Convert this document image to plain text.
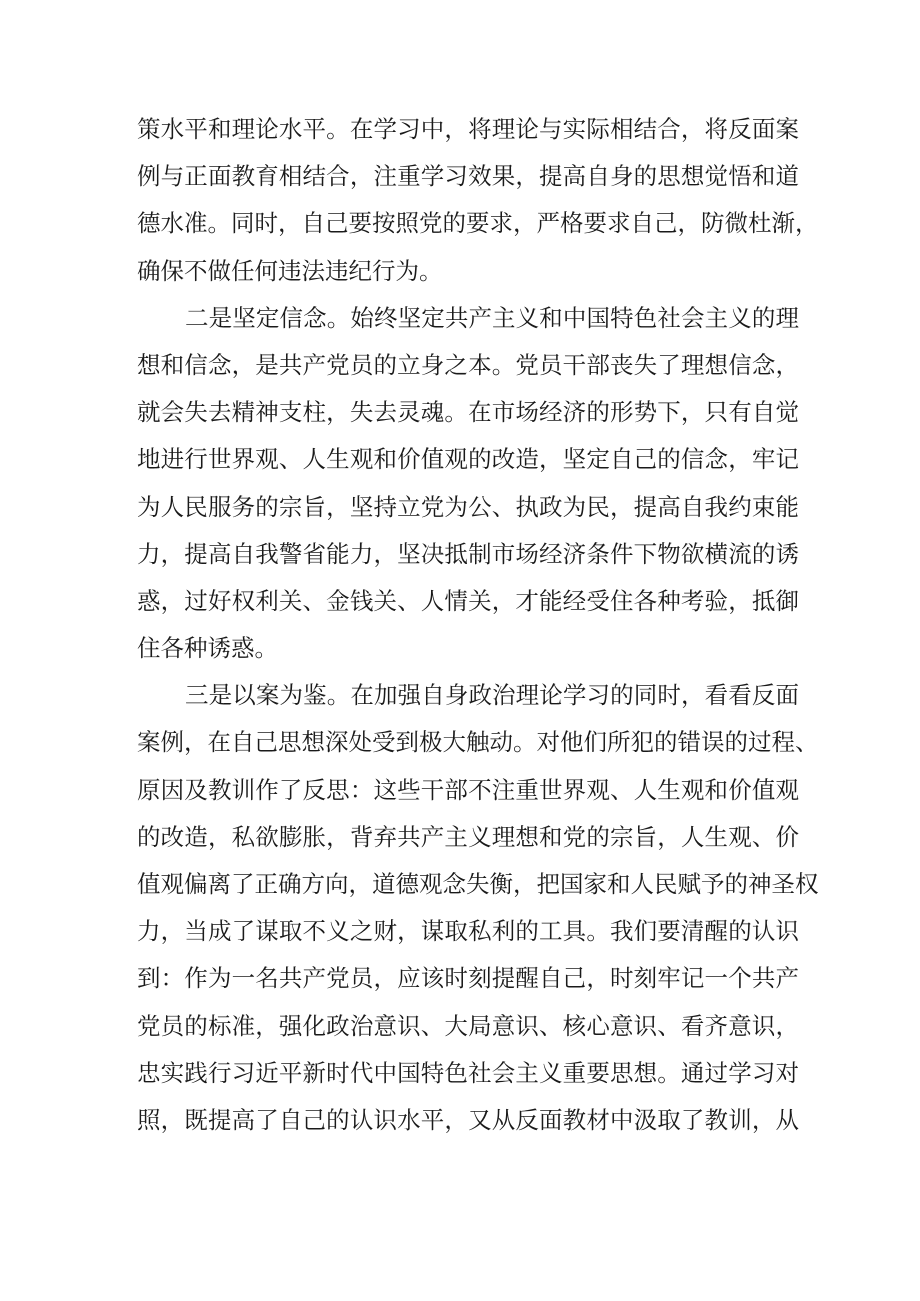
策水平和理论水平。在学习中，将理论与实际相结合，将反面案
例与正面教育相结合，注重学习效果，提高自身的思想觉悟和道
德水准。同时，自己要按照党的要求，严格要求自己，防微杜渐，
确保不做任何违法违纪行为。
二是坚定信念。始终坚定共产主义和中国特色社会主义的理
想和信念，是共产党员的立身之本。党员干部丧失了理想信念，
就会失去精神支柱，失去灵魂。在市场经济的形势下，只有自觉
地进行世界观、人生观和价值观的改造，坚定自己的信念，牢记
为人民服务的宗旨，坚持立党为公、执政为民，提高自我约束能
力，提高自我警省能力，坚决抵制市场经济条件下物欲横流的诱
惑，过好权利关、金钱关、人情关，才能经受住各种考验，抵御
住各种诱惑。
三是以案为鉴。在加强自身政治理论学习的同时，看看反面
案例，在自己思想深处受到极大触动。对他们所犯的错误的过程、
原因及教训作了反思：这些干部不注重世界观、人生观和价值观
的改造，私欲膨胀，背弃共产主义理想和党的宗旨，人生观、价
值观偏离了正确方向，道德观念失衡，把国家和人民赋予的神圣权
力，当成了谋取不义之财，谋取私利的工具。我们要清醒的认识
到：作为一名共产党员，应该时刻提醒自己，时刻牢记一个共产
党员的标准，强化政治意识、大局意识、核心意识、看齐意识，
忠实践行习近平新时代中国特色社会主义重要思想。通过学习对
照，既提高了自己的认识水平，又从反面教材中汲取了教训，从
